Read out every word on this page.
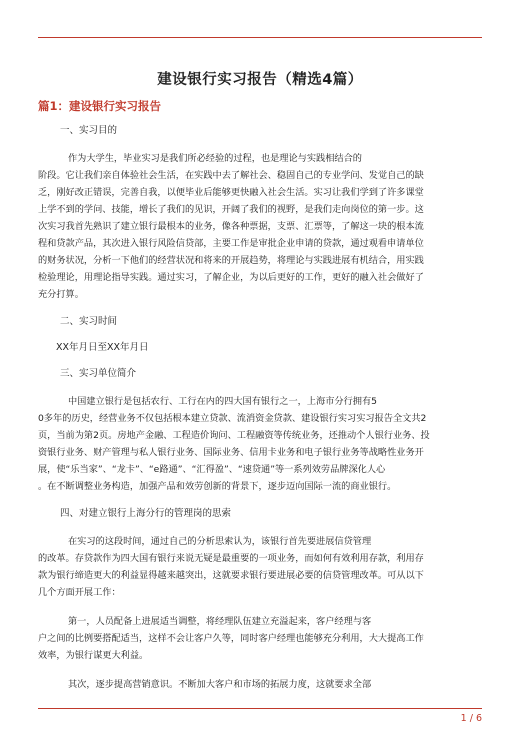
建设银行实习报告（精选4篇）
篇1：建设银行实习报告

一、实习目的

作为大学生，毕业实习是我们所必经验的过程，也是理论与实践相结合的
阶段。它让我们亲自体验社会生活，在实践中去了解社会、稳固自己的专业学问、发觉自己的缺
乏，刚好改正错误，完善自我，以便毕业后能够更快融入社会生活。实习让我们学到了许多课堂
上学不到的学问、技能，增长了我们的见识，开阔了我们的视野，是我们走向岗位的第一步。这
次实习我首先熟识了建立银行最根本的业务，像各种票据，支票、汇票等，了解这一块的根本流
程和贷款产品，其次进入银行风险信贷部，主要工作是审批企业申请的贷款，通过观看申请单位
的财务状况，分析一下他们的经营状况和将来的开展趋势，将理论与实践进展有机结合，用实践
检验理论，用理论指导实践。通过实习，了解企业，为以后更好的工作，更好的融入社会做好了
充分打算。

二、实习时间

XX年月日至XX年月日

三、实习单位简介

中国建立银行是包括农行、工行在内的四大国有银行之一，上海市分行拥有5
0多年的历史，经营业务不仅包括根本建立贷款、流消资金贷款、建设银行实习实习报告全文共2
页，当前为第2页。房地产金融、工程造价询问、工程融资等传统业务，还推动个人银行业务、投
资银行业务、财产管理与私人银行业务、国际业务、信用卡业务和电子银行业务等战略性业务开
展，使“乐当家”、“龙卡”、“e路通”、“汇得盈”、“速贷通”等一系列效劳品牌深化人心
。在不断调整业务构造，加强产品和效劳创新的背景下，逐步迈向国际一流的商业银行。

四、对建立银行上海分行的管理岗的思索

在实习的这段时间，通过自己的分析思索认为，该银行首先要进展信贷管理
的改革。存贷款作为四大国有银行来说无疑是最重要的一项业务，而如何有效利用存款，利用存
款为银行缔造更大的利益显得越来越突出，这就要求银行要进展必要的信贷管理改革。可从以下
几个方面开展工作：
第一，人员配备上进展适当调整，将经理队伍建立充溢起来，客户经理与客
户之间的比例要搭配适当，这样不会让客户久等，同时客户经理也能够充分利用，大大提高工作
效率，为银行谋更大利益。
其次，逐步提高营销意识。不断加大客户和市场的拓展力度，这就要求全部
1 / 6
